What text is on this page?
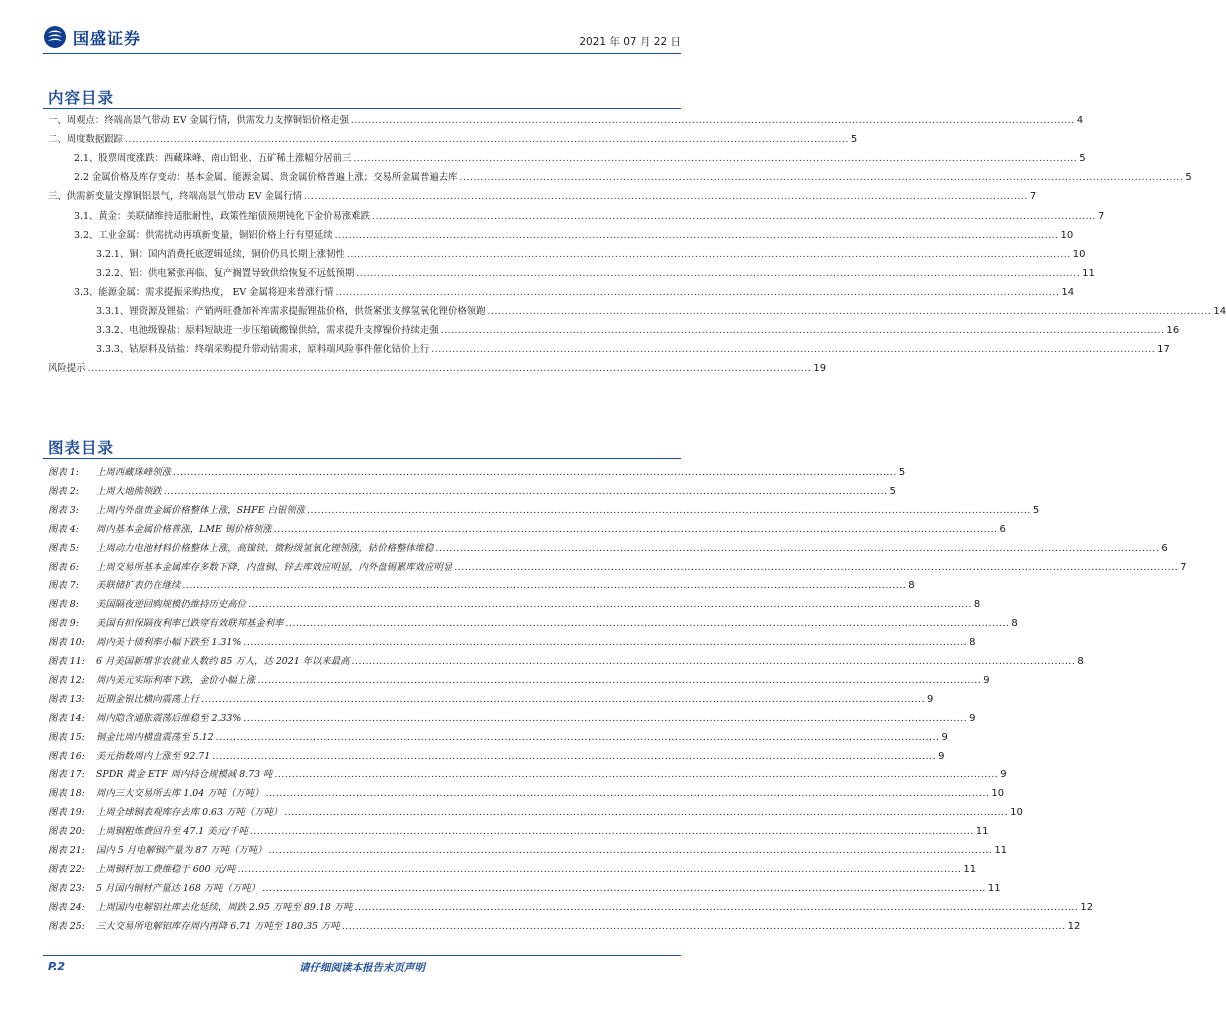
国盛证券	2021 年 07 月 22 日
内容目录
一、周观点：终端高景气带动 EV 金属行情，供需发力支撑铜铝价格走强 .....	4
二、周度数据跟踪 .....	5
2.1、股票周度涨跌：西藏珠峰、南山铝业、五矿稀土涨幅分居前三 .....	5
2.2 金属价格及库存变动：基本金属、能源金属、贵金属价格普遍上涨；交易所金属普遍去库 .....	5
三、供需新变量支撑铜铝景气，终端高景气带动 EV 金属行情 .....	7
3.1、黄金：美联储维持适胀耐性，政策性缩债预期钝化下金价易涨难跌 .....	7
3.2、工业金属：供需扰动再填新变量，铜铝价格上行有望延续 .....	10
3.2.1、铜：国内消费托底逻辑延续，铜价仍具长期上涨韧性 .....	10
3.2.2、铝：供电紧张再临、复产搁置导致供给恢复不远低预期 .....	11
3.3、能源金属：需求提振采购热度， EV 金属将迎来普涨行情 .....	14
3.3.1、锂资源及锂盐：产销两旺叠加补库需求提振锂盐价格，供货紧张支撑氢氧化锂价格领跑 .....	14
3.3.2、电池级镍盐：原料短缺进一步压缩硫酸镍供给，需求提升支撑镍价持续走强 .....	16
3.3.3、钴原料及钴盐：终端采购提升带动钴需求，原料端风险事件催化钴价上行 .....	17
风险提示 .....	19
图表目录
图表 1:	上周西藏珠峰领涨 .....	5
图表 2:	上周大地熊领跌 .....	5
图表 3:	上周内外盘贵金属价格整体上涨，SHFE 白银领涨 .....	5
图表 4:	周内基本金属价格普涨，LME 锡价格领涨 .....	6
图表 5:	上周动力电池材料价格整体上涨，高镍铁、微粉级氢氧化锂领涨，钴价格整体维稳 .....	6
图表 6:	上周交易所基本金属库存多数下降，内盘铜、锌去库效应明显，内外盘锡累库效应明显 .....	7
图表 7:	美联储扩表仍在继续 .....	8
图表 8:	美国隔夜逆回购规模仍维持历史高位 .....	8
图表 9:	美国有担保隔夜利率已跌穿有效联邦基金利率 .....	8
图表 10:	周内美十债利率小幅下跌至 1.31% .....	8
图表 11:	6 月美国新增非农就业人数约 85 万人，达 2021 年以来最高 .....	8
图表 12:	周内美元实际利率下跌，金价小幅上涨 .....	9
图表 13:	近期金银比横向震荡上行 .....	9
图表 14:	周内隐含通胀震荡后维稳至 2.33% .....	9
图表 15:	铜金比周内横盘震荡至 5.12 .....	9
图表 16:	美元指数周内上涨至 92.71 .....	9
图表 17:	SPDR 黄金 ETF 周内持仓规模减 8.73 吨 .....	9
图表 18:	周内三大交易所去库 1.04 万吨（万吨） .....	10
图表 19:	上周全球铜表观库存去库 0.63 万吨（万吨） .....	10
图表 20:	上周铜粗炼费回升至 47.1 美元/千吨 .....	11
图表 21:	国内 5 月电解铜产量为 87 万吨（万吨） .....	11
图表 22:	上周铜杆加工费维稳于 600 元/吨 .....	11
图表 23:	5 月国内铜材产量达 168 万吨（万吨） .....	11
图表 24:	上周国内电解铝社库去化延续，周跌 2.95 万吨至 89.18 万吨 .....	12
图表 25:	三大交易所电解铝库存周内再降 6.71 万吨至 180.35 万吨 .....	12
P.2	请仔细阅读本报告末页声明
